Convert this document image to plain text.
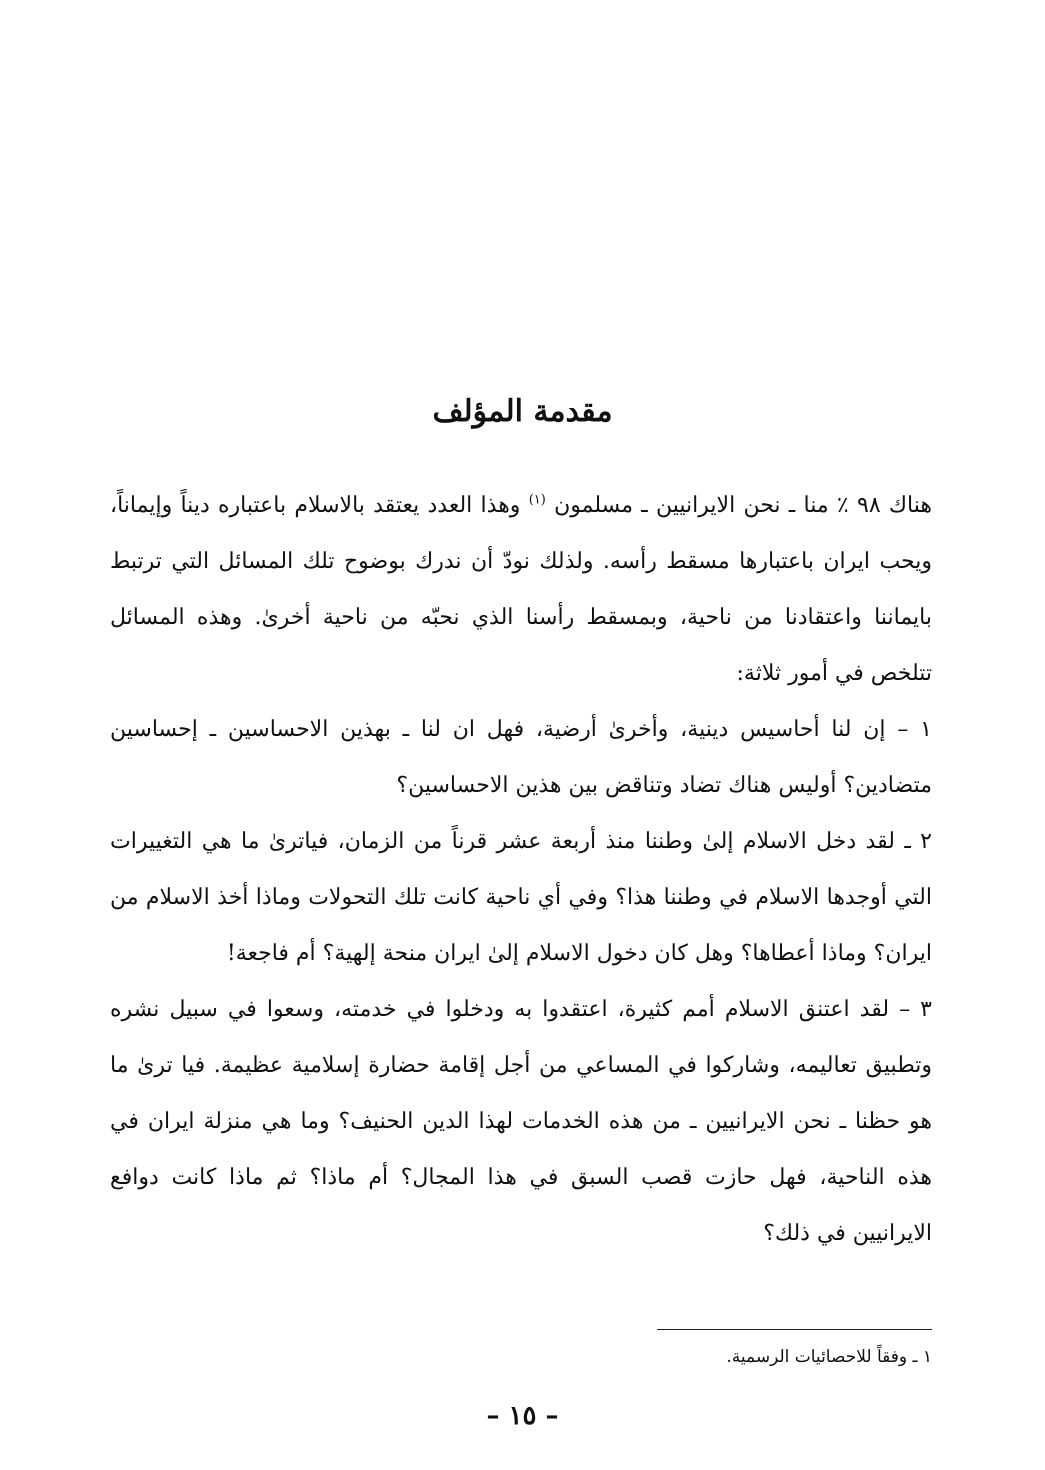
مقدمة المؤلف

هناك ٩٨ ٪ منا ـ نحن الايرانيين ـ مسلمون $^{(١)}$ وهذا العدد يعتقد بالاسلام باعتباره ديناً وإيماناً، ويحب ايران باعتبارها مسقط رأسه. ولذلك نودّ أن ندرك بوضوح تلك المسائل التي ترتبط بايماننا واعتقادنا من ناحية، وبمسقط رأسنا الذي نحبّه من ناحية أخرىٰ. وهذه المسائل تتلخص في أمور ثلاثة:

١ – إن لنا أحاسيس دينية، وأخرىٰ أرضية، فهل ان لنا ـ بهذين الاحساسين ـ إحساسين متضادين؟ أوليس هناك تضاد وتناقض بين هذين الاحساسين؟

٢ ـ لقد دخل الاسلام إلىٰ وطننا منذ أربعة عشر قرناً من الزمان، فياترىٰ ما هي التغييرات التي أوجدها الاسلام في وطننا هذا؟ وفي أي ناحية كانت تلك التحولات وماذا أخذ الاسلام من ايران؟ وماذا أعطاها؟ وهل كان دخول الاسلام إلىٰ ايران منحة إلهية؟ أم فاجعة!

٣ – لقد اعتنق الاسلام أمم كثيرة، اعتقدوا به ودخلوا في خدمته، وسعوا في سبيل نشره وتطبيق تعاليمه، وشاركوا في المساعي من أجل إقامة حضارة إسلامية عظيمة. فيا ترىٰ ما هو حظنا ـ نحن الايرانيين ـ من هذه الخدمات لهذا الدين الحنيف؟ وما هي منزلة ايران في هذه الناحية، فهل حازت قصب السبق في هذا المجال؟ أم ماذا؟ ثم ماذا كانت دوافع الايرانيين في ذلك؟

١ ـ وفقاً للاحصائيات الرسمية.
– ١٥ –
